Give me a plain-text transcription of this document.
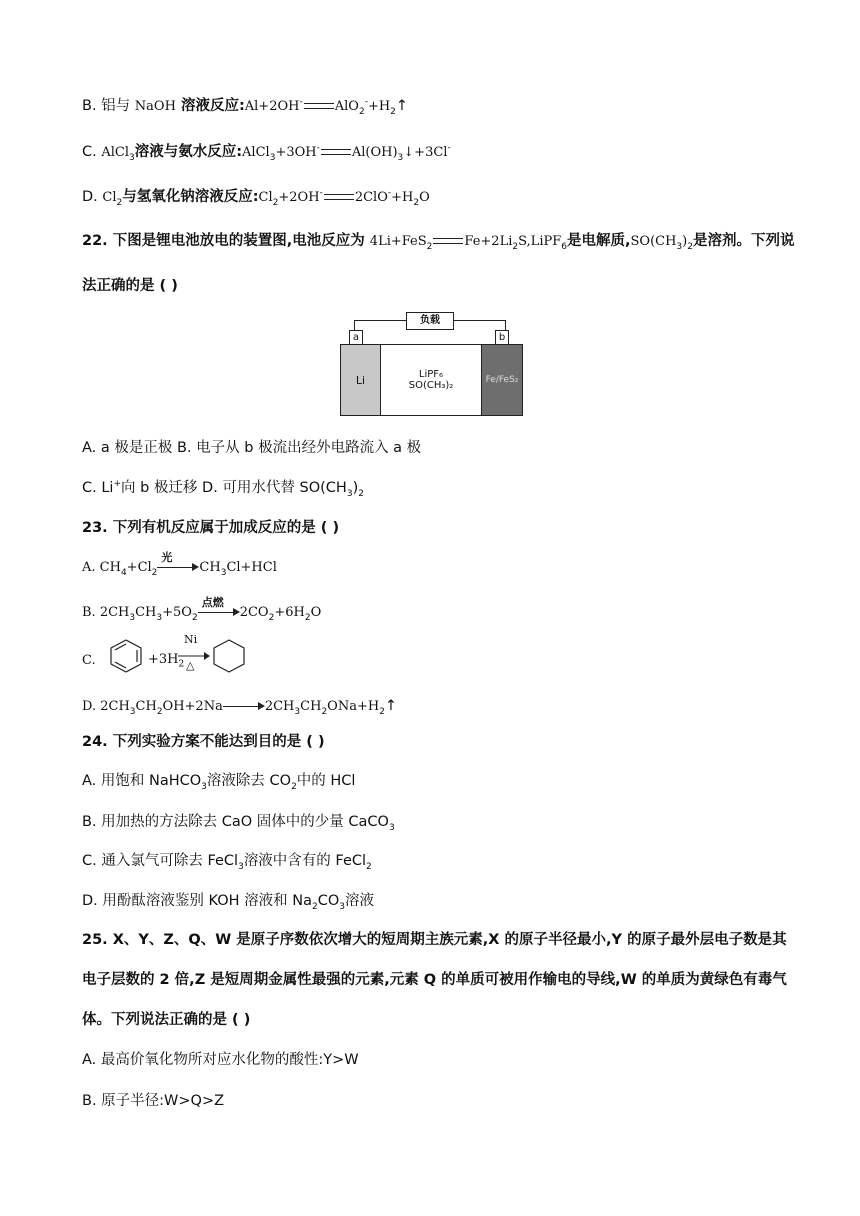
B. 铝与 NaOH 溶液反应:Al+2OH- $AlO_2^-+H_2↑$
C. AlCl$_3$溶液与氨水反应:AlCl$_3$+3OH- $Al(OH)_3↓+3Cl^-$
D. $Cl_2$与氢氧化钠溶液反应$:Cl_2+2OH^-$ $2ClO^-+H_2O$
22. 下图是锂电池放电的装置图,电池反应为 4Li+FeS$_2$ $Fe+2Li_2S,LiPF_6$是电解质$,SO(CH_3)_2$是溶剂。下列说
法正确的是 ( )
负载
a	b
Li	LiPF₆
SO(CH₃)₂	Fe/FeS₂
A. a 极是正极 B. 电子从 b 极流出经外电路流入 a 极
C. Li+向 b 极迁移 D. 可用水代替 $SO(CH_3)_2$
23. 下列有机反应属于加成反应的是 ( )
A. $CH_4+Cl_2$
光
$CH_3Cl+HCl$
B. $2CH_3CH_3+5O_2$
点燃
$2CO_2+6H_2O$
C.	$+3H_2$
Ni
△
D. $2CH_3CH_2OH+2Na$	$2CH_3CH_2ONa+H_2↑$
24. 下列实验方案不能达到目的是 ( )
A. 用饱和 NaHCO$_3$溶液除去 $CO_2$中的 HCl
B. 用加热的方法除去 CaO 固体中的少量 CaCO$_3$
C. 通入氯气可除去 FeCl$_3$溶液中含有的 FeCl$_2$
D. 用酚酞溶液鉴别 KOH 溶液和 $Na_2CO_3$溶液
25. X、Y、Z、Q、W 是原子序数依次增大的短周期主族元素,X 的原子半径最小,Y 的原子最外层电子数是其
电子层数的 2 倍,Z 是短周期金属性最强的元素,元素 Q 的单质可被用作输电的导线,W 的单质为黄绿色有毒气
体。下列说法正确的是 ( )
A. 最高价氧化物所对应水化物的酸性:Y>W
B. 原子半径:W>Q>Z
